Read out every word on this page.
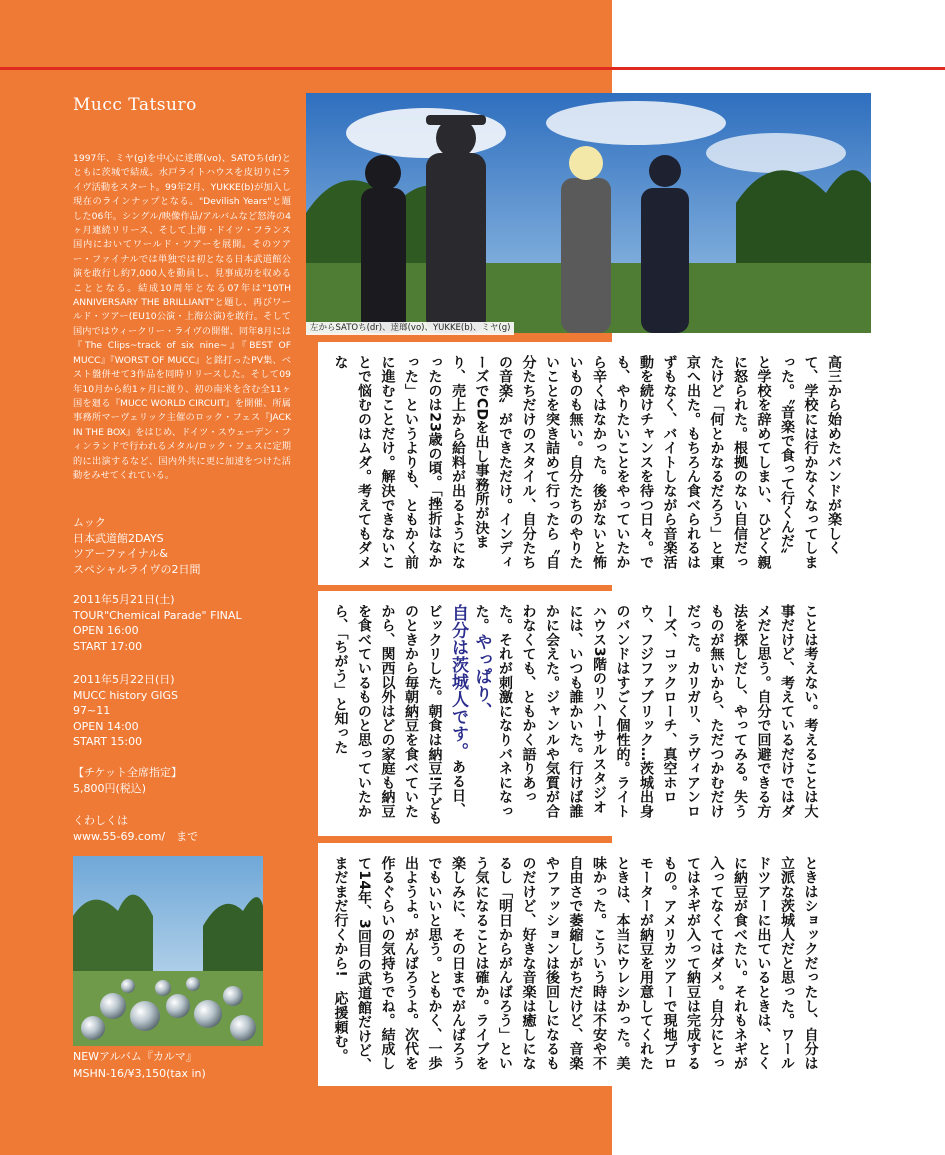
Mucc Tatsuro

1997年、ミヤ(g)を中心に逹瑯(vo)、SATOち(dr)とともに茨城で結成。水戸ライトハウスを皮切りにライヴ活動をスタート。99年2月、YUKKE(b)が加入し現在のラインナップとなる。"Devilish Years"と題した06年。シングル/映像作品/アルバムなど怒涛の4ヶ月連続リリース、そして上海・ドイツ・フランス国内においてワールド・ツアーを展開。そのツアー・ファイナルでは単独では初となる日本武道館公演を敢行し約7,000人を動員し、見事成功を収めることとなる。結成10周年となる07年は"10TH ANNIVERSARY THE BRILLIANT"と題し、再びワールド・ツアー(EU10公演・上海公演)を敢行。そして国内ではウィークリー・ライヴの開催、同年8月には『The Clips~track of six nine~』『BEST OF MUCC』『WORST OF MUCC』と銘打ったPV集、ベスト盤併せて3作品を同時リリースした。そして09年10月から約1ヶ月に渡り、初の南米を含む全11ヶ国を廻る『MUCC WORLD CIRCUIT』を開催、所属事務所マーヴェリック主催のロック・フェス『JACK IN THE BOX』をはじめ、ドイツ・スウェーデン・フィンランドで行われるメタル/ロック・フェスに定期的に出演するなど、国内外共に更に加速をつけた活動をみせてくれている。

ムック
日本武道館2DAYS
ツアーファイナル&
スペシャルライヴの2日間
2011年5月21日(土)
TOUR"Chemical Parade" FINAL
OPEN 16:00
START 17:00
2011年5月22日(日)
MUCC history GIGS
97~11
OPEN 14:00
START 15:00
【チケット全席指定】
5,800円(税込)
くわしくは
www.55-69.com/　まで
NEWアルバム『カルマ』
MSHN-16/¥3,150(tax in)
左からSATOち(dr)、逹瑯(vo)、YUKKE(b)、ミヤ(g)
高三から始めたバンドが楽しくて、学校には行かなくなってしまった。〝音楽で食って行くんだ〟と学校を辞めてしまい、ひどく親に怒られた。根拠のない自信だったけど「何とかなるだろう」と東京へ出た。もちろん食べられるはずもなく、バイトしながら音楽活動を続けチャンスを待つ日々。でも、やりたいことをやっていたから辛くはなかった。後がないと怖いものも無い。自分たちのやりたいことを突き詰めて行ったら〝自分たちだけのスタイル、自分たちの音楽〟ができただけ。インディーズでCDを出し事務所が決まり、売上から給料が出るようになったのは23歳の頃。「挫折はなかった」というよりも、ともかく前に進むことだけ。解決できないことで悩むのはムダ。考えてもダメな
ことは考えない。考えることは大事だけど、考えているだけではダメだと思う。自分で回避できる方法を探しだし、やってみる。失うものが無いから、ただつかむだけだった。カリガリ、ラヴィアンローズ、コックローチ、真空ホロウ、フジファブリック…茨城出身のバンドはすごく個性的。ライトハウス3階のリハーサルスタジオには、いつも誰かいた。行けば誰かに会えた。ジャンルや気質が合わなくても、ともかく語りあった。それが刺激になりバネになった。やっぱり、
自分は茨城人です。ある日、ビックリした。朝食は納豆!子どものときから毎朝納豆を食べていたから、関西以外はどの家庭も納豆を食べているものと思っていたから、「ちがう」と知った
ときはショックだったし、自分は立派な茨城人だと思った。ワールドツアーに出ているときは、とくに納豆が食べたい。それもネギが入ってなくてはダメ。自分にとってはネギが入って納豆は完成するもの。アメリカツアーで現地プロモーターが納豆を用意してくれたときは、本当にウレシかった。美味かった。こういう時は不安や不自由さで萎縮しがちだけど、音楽やファッションは後回しになるものだけど、好きな音楽は癒しになるし「明日からがんばろう」という気になることは確か。ライブを楽しみに、その日までがんばろうでもいいと思う。ともかく、一歩出ようよ。がんばろうよ。次代を作るぐらいの気持ちでね。結成して14年、3回目の武道館だけど、まだまだ行くから!　応援頼む。
